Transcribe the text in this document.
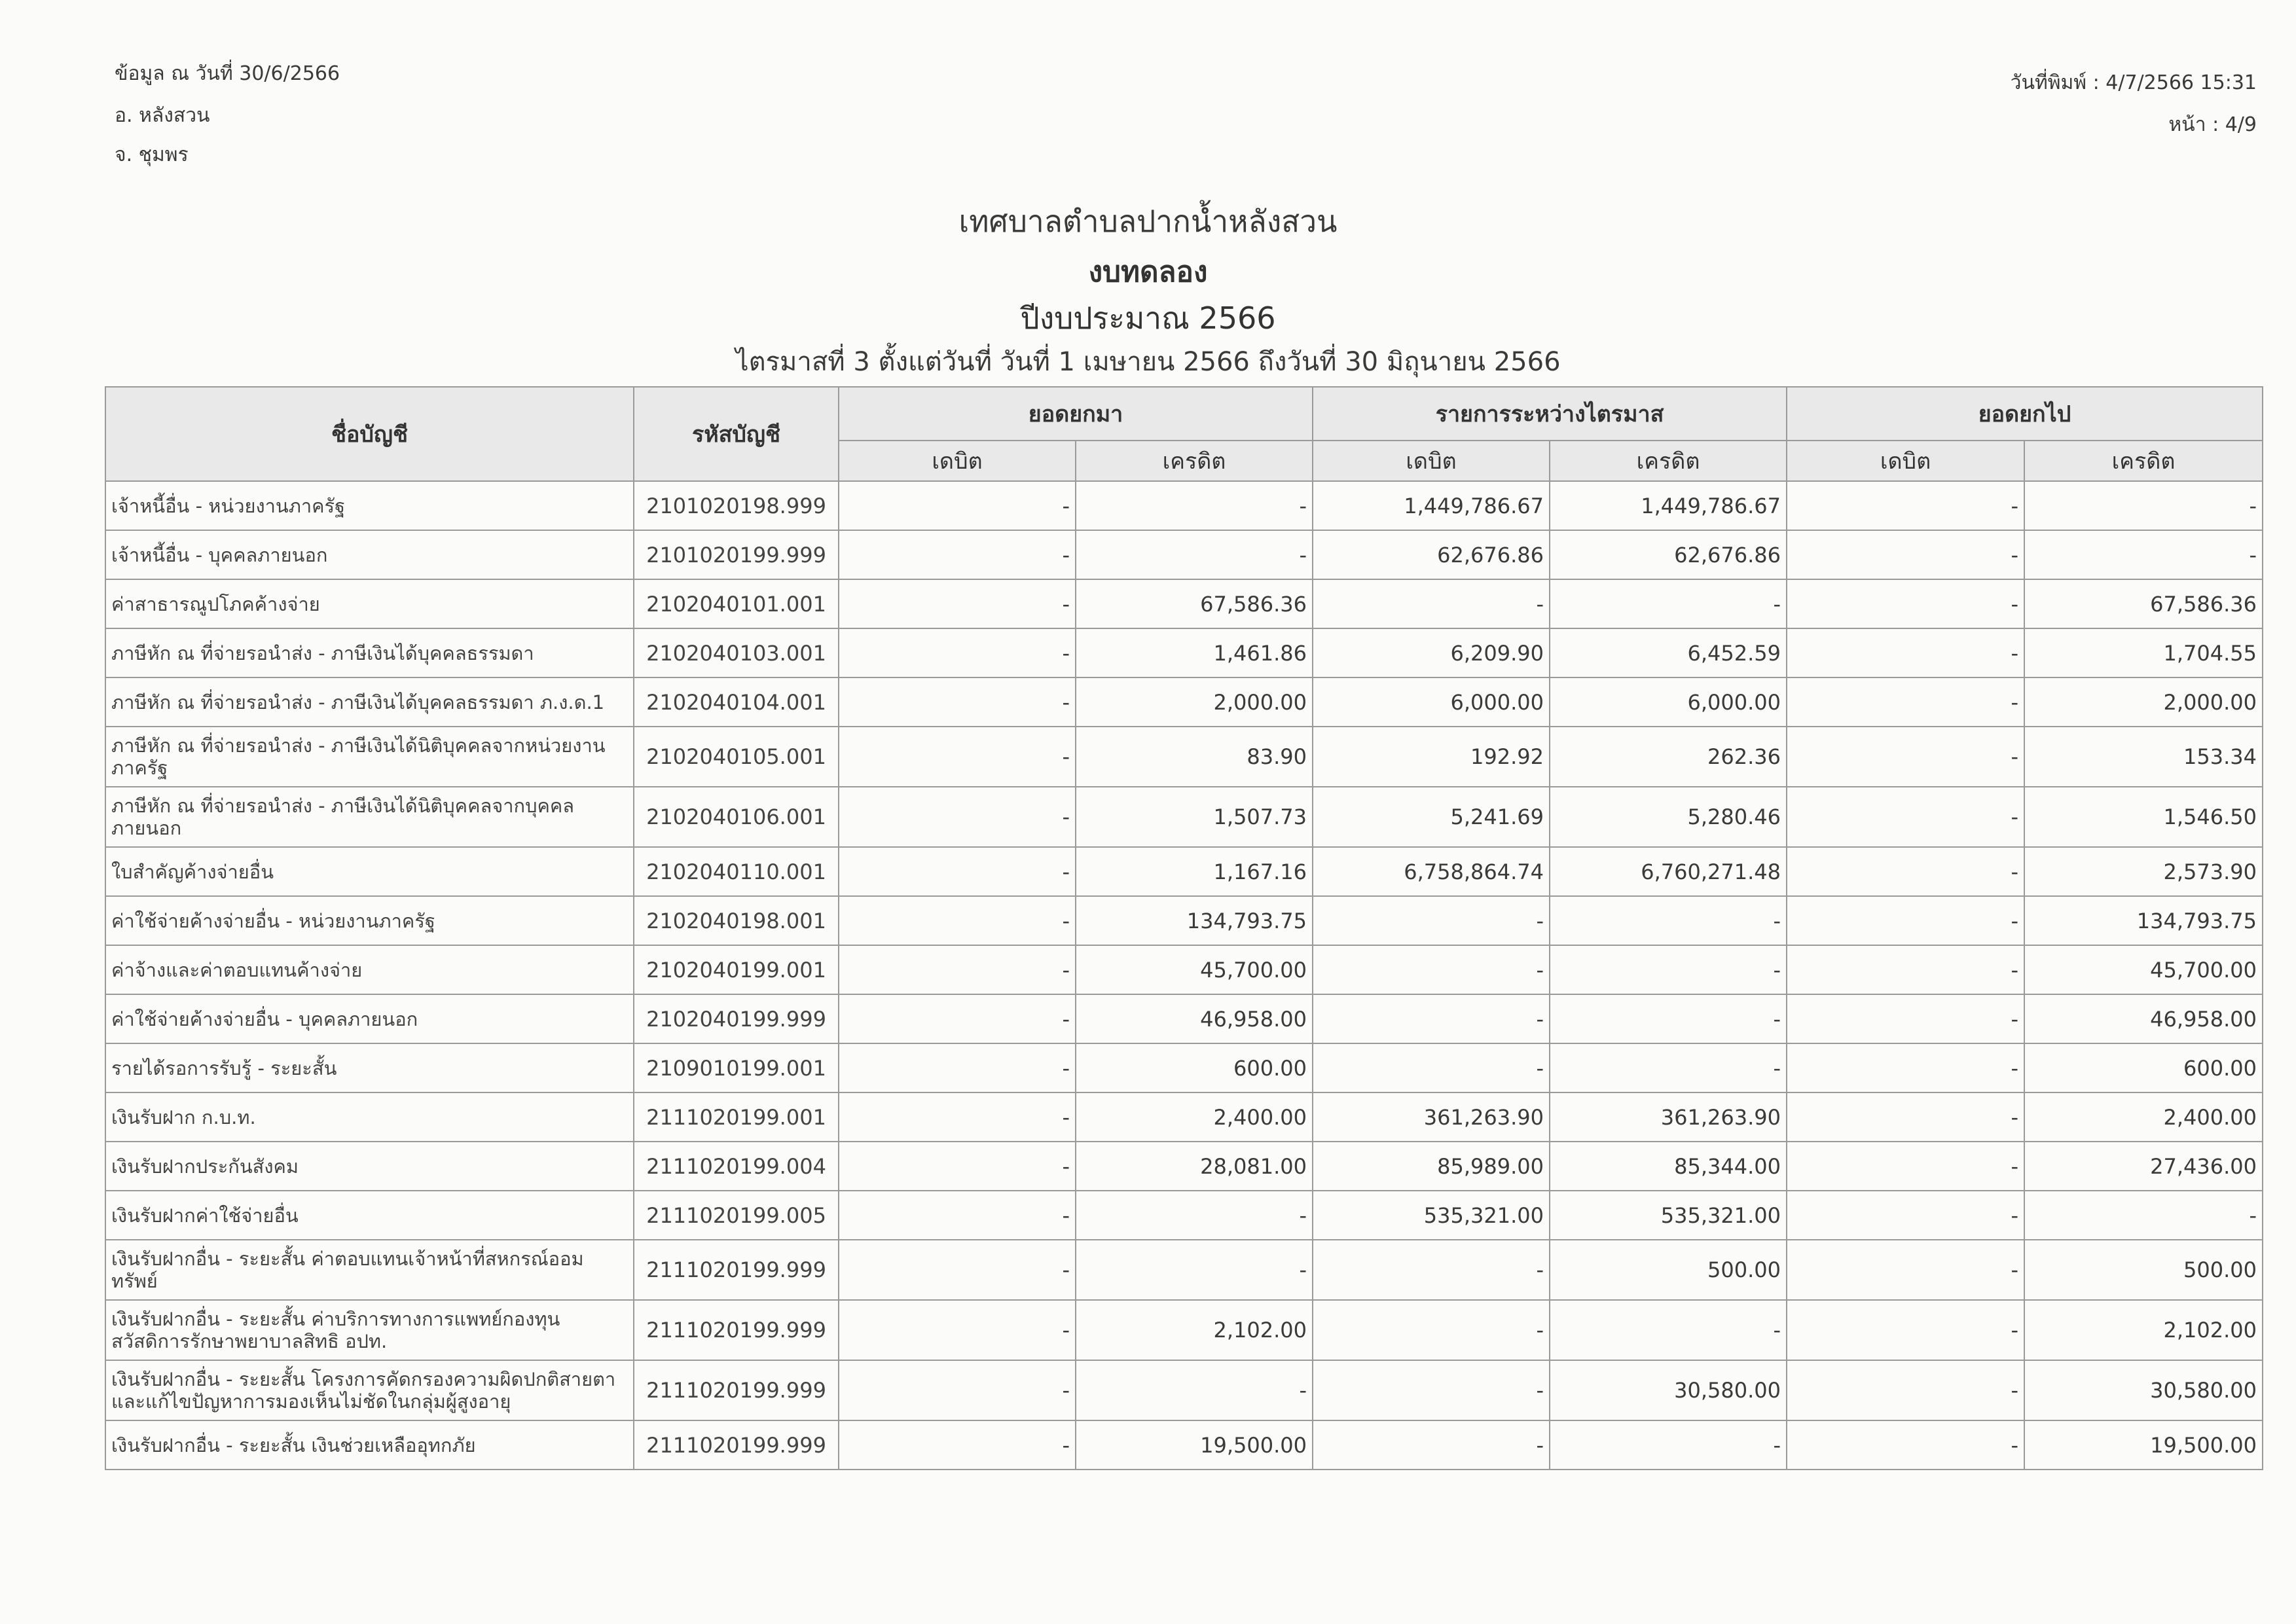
ข้อมูล ณ วันที่ 30/6/2566
อ. หลังสวน
จ. ชุมพร
วันที่พิมพ์ : 4/7/2566 15:31
หน้า : 4/9
เทศบาลตำบลปากน้ำหลังสวน
งบทดลอง
ปีงบประมาณ 2566
ไตรมาสที่ 3 ตั้งแต่วันที่ วันที่ 1 เมษายน 2566 ถึงวันที่ 30 มิถุนายน 2566
ชื่อบัญชี	รหัสบัญชี	ยอดยกมา		รายการระหว่างไตรมาส		ยอดยกไป	
		เดบิต	เครดิต	เดบิต	เครดิต	เดบิต	เครดิต
เจ้าหนี้อื่น - หน่วยงานภาครัฐ	2101020198.999	-	-	1,449,786.67	1,449,786.67	-	-
เจ้าหนี้อื่น - บุคคลภายนอก	2101020199.999	-	-	62,676.86	62,676.86	-	-
ค่าสาธารณูปโภคค้างจ่าย	2102040101.001	-	67,586.36	-	-	-	67,586.36
ภาษีหัก ณ ที่จ่ายรอนำส่ง - ภาษีเงินได้บุคคลธรรมดา	2102040103.001	-	1,461.86	6,209.90	6,452.59	-	1,704.55
ภาษีหัก ณ ที่จ่ายรอนำส่ง - ภาษีเงินได้บุคคลธรรมดา ภ.ง.ด.1	2102040104.001	-	2,000.00	6,000.00	6,000.00	-	2,000.00
ภาษีหัก ณ ที่จ่ายรอนำส่ง - ภาษีเงินได้นิติบุคคลจากหน่วยงานภาครัฐ	2102040105.001	-	83.90	192.92	262.36	-	153.34
ภาษีหัก ณ ที่จ่ายรอนำส่ง - ภาษีเงินได้นิติบุคคลจากบุคคลภายนอก	2102040106.001	-	1,507.73	5,241.69	5,280.46	-	1,546.50
ใบสำคัญค้างจ่ายอื่น	2102040110.001	-	1,167.16	6,758,864.74	6,760,271.48	-	2,573.90
ค่าใช้จ่ายค้างจ่ายอื่น - หน่วยงานภาครัฐ	2102040198.001	-	134,793.75	-	-	-	134,793.75
ค่าจ้างและค่าตอบแทนค้างจ่าย	2102040199.001	-	45,700.00	-	-	-	45,700.00
ค่าใช้จ่ายค้างจ่ายอื่น - บุคคลภายนอก	2102040199.999	-	46,958.00	-	-	-	46,958.00
รายได้รอการรับรู้ - ระยะสั้น	2109010199.001	-	600.00	-	-	-	600.00
เงินรับฝาก ก.บ.ท.	2111020199.001	-	2,400.00	361,263.90	361,263.90	-	2,400.00
เงินรับฝากประกันสังคม	2111020199.004	-	28,081.00	85,989.00	85,344.00	-	27,436.00
เงินรับฝากค่าใช้จ่ายอื่น	2111020199.005	-	-	535,321.00	535,321.00	-	-
เงินรับฝากอื่น - ระยะสั้น ค่าตอบแทนเจ้าหน้าที่สหกรณ์ออมทรัพย์	2111020199.999	-	-	-	500.00	-	500.00
เงินรับฝากอื่น - ระยะสั้น ค่าบริการทางการแพทย์กองทุนสวัสดิการรักษาพยาบาลสิทธิ อปท.	2111020199.999	-	2,102.00	-	-	-	2,102.00
เงินรับฝากอื่น - ระยะสั้น โครงการคัดกรองความผิดปกติสายตาและแก้ไขปัญหาการมองเห็นไม่ชัดในกลุ่มผู้สูงอายุ	2111020199.999	-	-	-	30,580.00	-	30,580.00
เงินรับฝากอื่น - ระยะสั้น เงินช่วยเหลืออุทกภัย	2111020199.999	-	19,500.00	-	-	-	19,500.00
